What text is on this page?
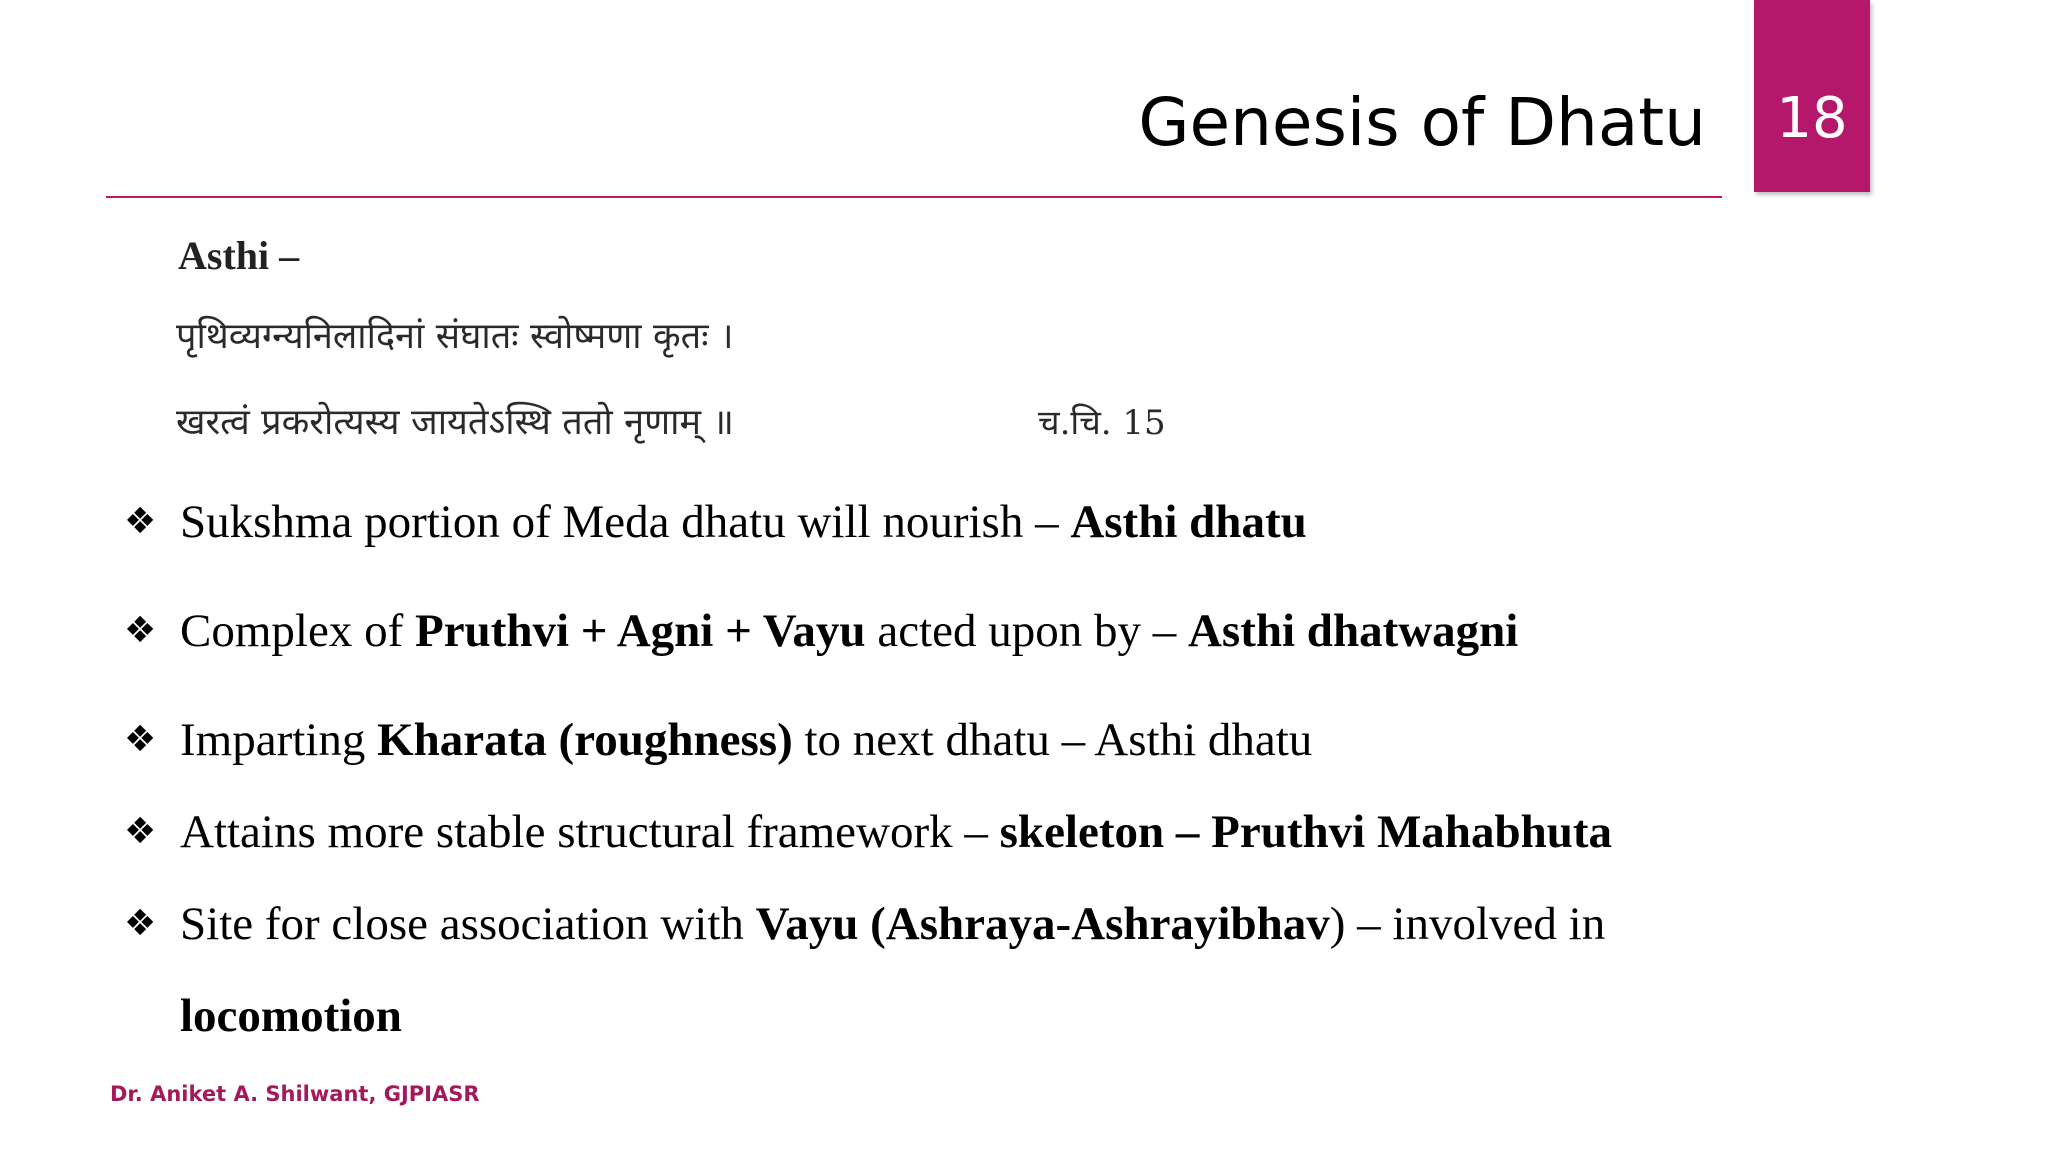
Genesis of Dhatu	18
Asthi –
पृथिव्यग्न्यनिलादिनां संघातः स्वोष्मणा कृतः ।
खरत्वं प्रकरोत्यस्य जायतेऽस्थि ततो नृणाम् ॥	च.चि. 15
❖ Sukshma portion of Meda dhatu will nourish – Asthi dhatu
❖ Complex of Pruthvi + Agni + Vayu acted upon by – Asthi dhatwagni
❖ Imparting Kharata (roughness) to next dhatu – Asthi dhatu
❖ Attains more stable structural framework – skeleton – Pruthvi Mahabhuta
❖ Site for close association with Vayu (Ashraya-Ashrayibhav) – involved in
locomotion
Dr. Aniket A. Shilwant, GJPIASR
